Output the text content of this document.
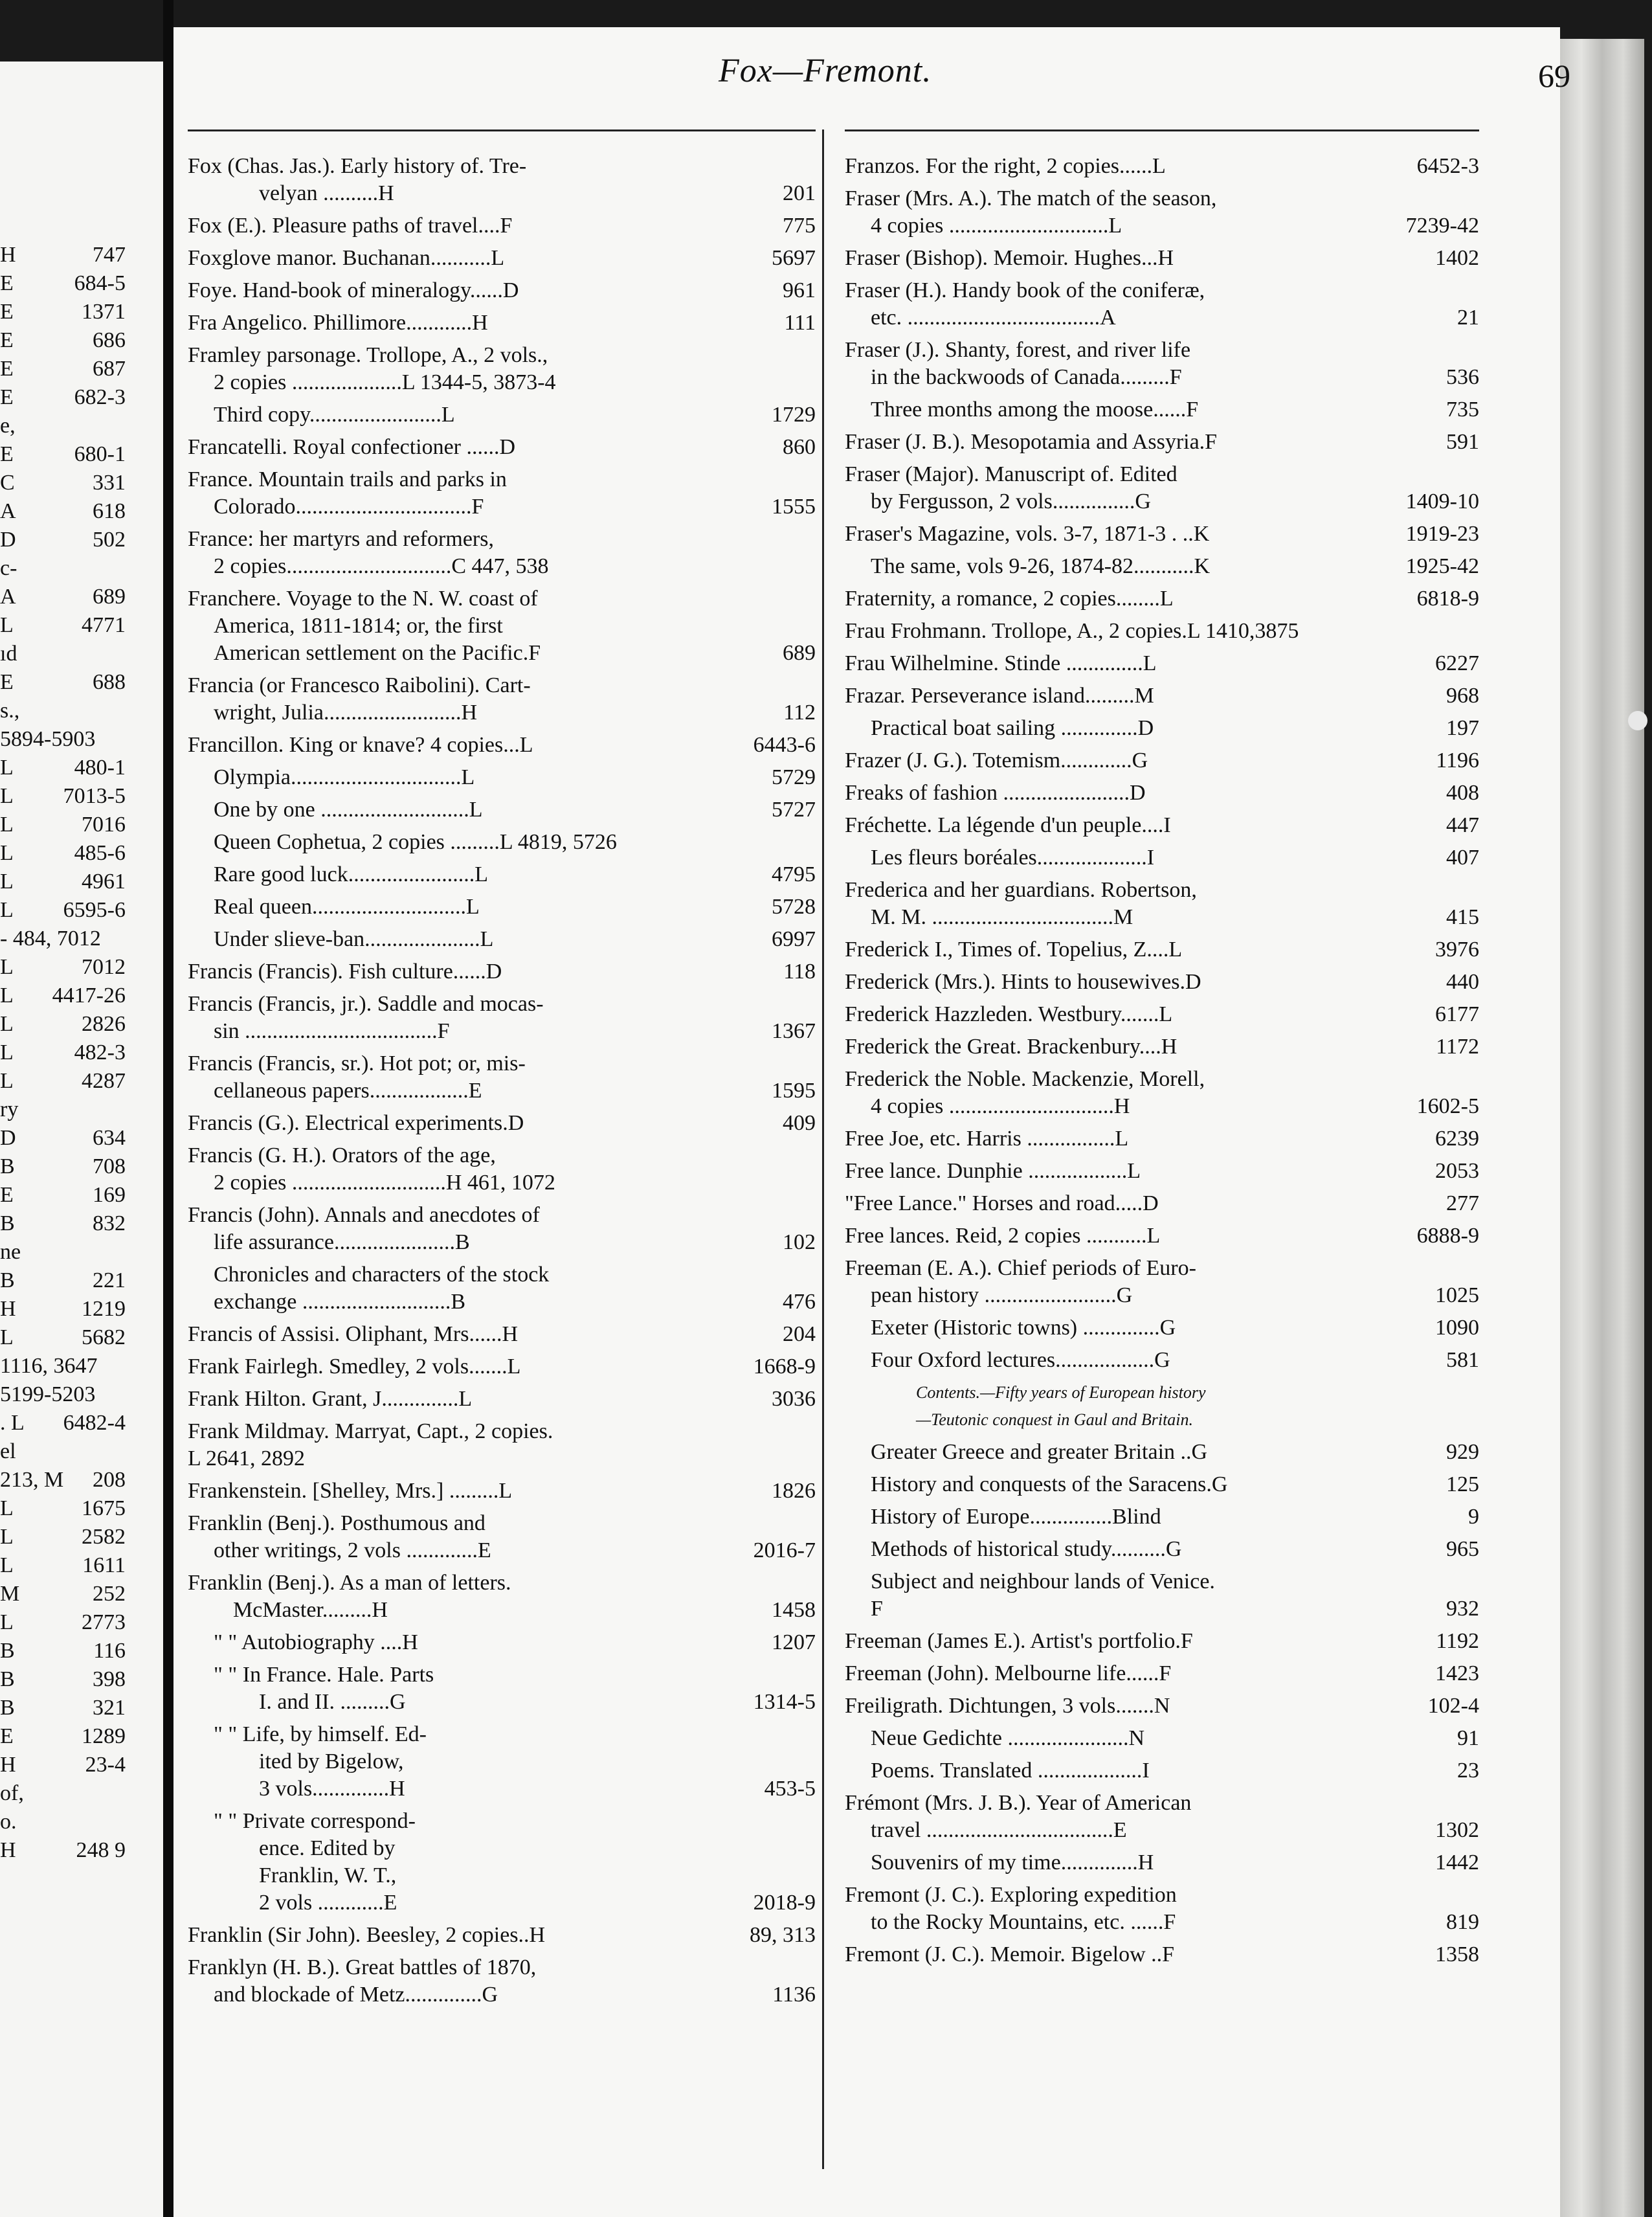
H	747
E	684-5
E	1371
E	686
E	687
E	682-3
e,
E	680-1
C	331
A	618
D	502
c-
A	689
L	4771
ıd
E	688
s.,
5894-5903
L	480-1
L 7013-5
L	7016
L	485-6
L	4961
L 6595-6
- 484, 7012
L	7012
L 4417-26
L	2826
L	482-3
L	4287
ry
D	634
B	708
E	169
B	832
ne
B	221
H	1219
L	5682
1116, 3647
5199-5203
. L 6482-4
el
213, M 208
L	1675
L	2582
L	1611
M	252
L	2773
B	116
B	398
B	321
E	1289
H	23-4
of,
o.
H	248 9
Fox—Fremont.	69
Fox (Chas. Jas.). Early history of. Tre-
velyan ..........H	201
Fox (E.). Pleasure paths of travel....F	775
Foxglove manor. Buchanan...........L	5697
Foye. Hand-book of mineralogy......D	961
Fra Angelico. Phillimore............H	111
Framley parsonage. Trollope, A., 2 vols.,
2 copies ....................L 1344-5, 3873-4
Third copy........................L	1729
Francatelli. Royal confectioner ......D	860
France. Mountain trails and parks in
Colorado................................F	1555
France: her martyrs and reformers,
2 copies..............................C 447, 538
Franchere. Voyage to the N. W. coast of
America, 1811-1814; or, the first
American settlement on the Pacific.F	689
Francia (or Francesco Raibolini). Cart-
wright, Julia.........................H	112
Francillon. King or knave? 4 copies...L	6443-6
Olympia...............................L	5729
One by one ...........................L	5727
Queen Cophetua, 2 copies .........L 4819, 5726
Rare good luck.......................L	4795
Real queen............................L	5728
Under slieve-ban.....................L	6997
Francis (Francis). Fish culture......D	118
Francis (Francis, jr.). Saddle and mocas-
sin ...................................F	1367
Francis (Francis, sr.). Hot pot; or, mis-
cellaneous papers..................E	1595
Francis (G.). Electrical experiments.D	409
Francis (G. H.). Orators of the age,
2 copies ............................H 461, 1072
Francis (John). Annals and anecdotes of
life assurance......................B	102
Chronicles and characters of the stock
exchange ...........................B	476
Francis of Assisi. Oliphant, Mrs......H	204
Frank Fairlegh. Smedley, 2 vols.......L	1668-9
Frank Hilton. Grant, J..............L	3036
Frank Mildmay. Marryat, Capt., 2 copies.
L 2641, 2892
Frankenstein. [Shelley, Mrs.] .........L	1826
Franklin (Benj.). Posthumous and
other writings, 2 vols .............E	2016-7
Franklin (Benj.). As a man of letters.
McMaster.........H	1458
" " Autobiography ....H	1207
" " In France. Hale. Parts
I. and II. .........G	1314-5
" " Life, by himself. Ed-
ited by Bigelow,
3 vols..............H	453-5
" " Private correspond-
ence. Edited by
Franklin, W. T.,
2 vols ............E	2018-9
Franklin (Sir John). Beesley, 2 copies..H	89, 313
Franklyn (H. B.). Great battles of 1870,
and blockade of Metz..............G	1136
Franzos. For the right, 2 copies......L	6452-3
Fraser (Mrs. A.). The match of the season,
4 copies .............................L	7239-42
Fraser (Bishop). Memoir. Hughes...H	1402
Fraser (H.). Handy book of the coniferæ,
etc. ...................................A	21
Fraser (J.). Shanty, forest, and river life
in the backwoods of Canada.........F	536
Three months among the moose......F	735
Fraser (J. B.). Mesopotamia and Assyria.F	591
Fraser (Major). Manuscript of. Edited
by Fergusson, 2 vols...............G	1409-10
Fraser's Magazine, vols. 3-7, 1871-3 . ..K	1919-23
The same, vols 9-26, 1874-82...........K	1925-42
Fraternity, a romance, 2 copies........L	6818-9
Frau Frohmann. Trollope, A., 2 copies.L 1410,3875
Frau Wilhelmine. Stinde ..............L	6227
Frazar. Perseverance island.........M	968
Practical boat sailing ..............D	197
Frazer (J. G.). Totemism.............G	1196
Freaks of fashion .......................D	408
Fréchette. La légende d'un peuple....I	447
Les fleurs boréales....................I	407
Frederica and her guardians. Robertson,
M. M. .................................M	415
Frederick I., Times of. Topelius, Z....L	3976
Frederick (Mrs.). Hints to housewives.D	440
Frederick Hazzleden. Westbury.......L	6177
Frederick the Great. Brackenbury....H	1172
Frederick the Noble. Mackenzie, Morell,
4 copies ..............................H	1602-5
Free Joe, etc. Harris ................L	6239
Free lance. Dunphie ..................L	2053
"Free Lance." Horses and road.....D	277
Free lances. Reid, 2 copies ...........L	6888-9
Freeman (E. A.). Chief periods of Euro-
pean history ........................G	1025
Exeter (Historic towns) ..............G	1090
Four Oxford lectures..................G	581
Contents.—Fifty years of European history
—Teutonic conquest in Gaul and Britain.
Greater Greece and greater Britain ..G	929
History and conquests of the Saracens.G	125
History of Europe...............Blind	9
Methods of historical study..........G	965
Subject and neighbour lands of Venice.
F	932
Freeman (James E.). Artist's portfolio.F	1192
Freeman (John). Melbourne life......F	1423
Freiligrath. Dichtungen, 3 vols.......N	102-4
Neue Gedichte ......................N	91
Poems. Translated ...................I	23
Frémont (Mrs. J. B.). Year of American
travel ..................................E	1302
Souvenirs of my time..............H	1442
Fremont (J. C.). Exploring expedition
to the Rocky Mountains, etc. ......F	819
Fremont (J. C.). Memoir. Bigelow ..F	1358
